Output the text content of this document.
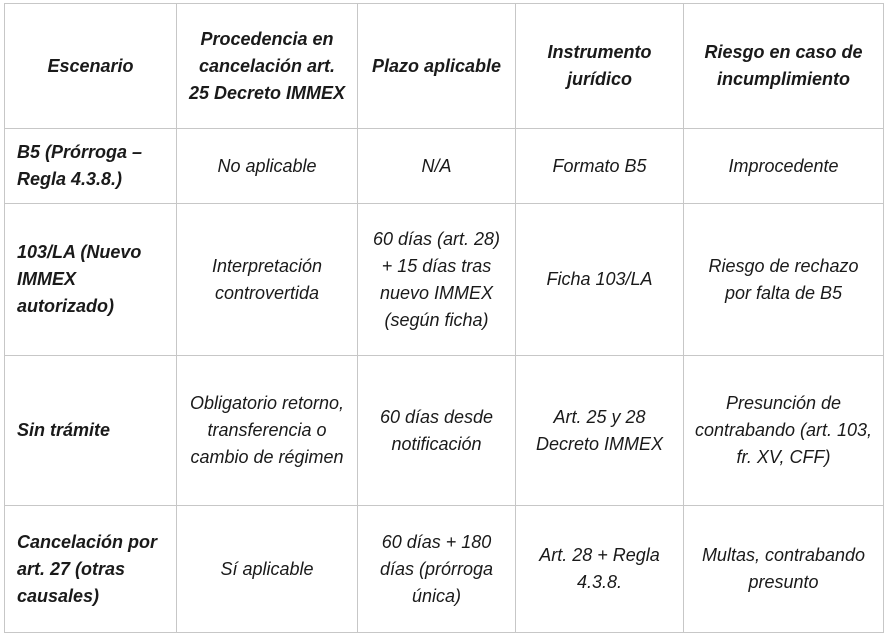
Escenario	Procedencia en cancelación art. 25 Decreto IMMEX	Plazo aplicable	Instrumento jurídico	Riesgo en caso de incumplimiento
B5 (Prórroga – Regla 4.3.8.)	No aplicable	N/A	Formato B5	Improcedente
103/LA (Nuevo IMMEX autorizado)	Interpretación controvertida	60 días (art. 28) + 15 días tras nuevo IMMEX (según ficha)	Ficha 103/LA	Riesgo de rechazo por falta de B5
Sin trámite	Obligatorio retorno, transferencia o cambio de régimen	60 días desde notificación	Art. 25 y 28 Decreto IMMEX	Presunción de contrabando (art. 103, fr. XV, CFF)
Cancelación por art. 27 (otras causales)	Sí aplicable	60 días + 180 días (prórroga única)	Art. 28 + Regla 4.3.8.	Multas, contrabando presunto
